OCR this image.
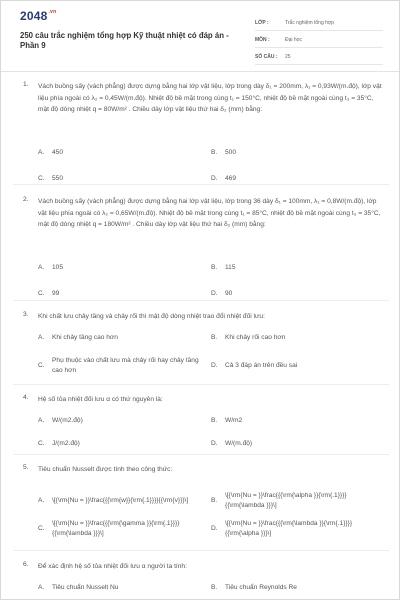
$2048^{.vn}$
250 câu trắc nghiệm tổng hợp Kỹ thuật nhiệt có đáp án - Phần 9
LỚP :	Trắc nghiệm tổng hợp
MÔN :	Đại học
SỐ CÂU :	25
1. Vách buồng sấy (vách phẳng) được dựng bằng hai lớp vật liệu, lớp trong dày δ₁ = 200mm, λ₁ = 0,93W/(m.độ), lớp vật liệu phía ngoài có λ₂ = 0,45W/(m.độ). Nhiệt độ bề mặt trong cùng t₁ = 150°C, nhiệt độ bề mặt ngoài cùng t₃ = 35°C, mật độ dòng nhiệt q = 80W/m² . Chiều dày lớp vật liệu thứ hai δ₂ (mm) bằng:
A.	450	B.	500
C.	550	D.	469
2. Vách buồng sấy (vách phẳng) được dựng bằng hai lớp vật liệu, lớp trong 36 dày δ₁ = 100mm, λ₁ = 0,8W/(m.độ), lớp vật liệu phía ngoài có λ₂ = 0,65W/(m.độ). Nhiệt độ bề mặt trong cùng t₁ = 85°C, nhiệt độ bề mặt ngoài cùng t₃ = 35°C, mật độ dòng nhiệt q = 180W/m² . Chiều dày lớp vật liệu thứ hai δ₂ (mm) bằng:
A.	105	B.	115
C.	99	D.	90
3. Khi chất lưu chảy tầng và chảy rối thì mật độ dòng nhiệt trao đổi nhiệt đối lưu:
A.	Khi chảy tầng cao hơn	B.	Khi chảy rối cao hơn
C.
Phụ thuộc vào chất lưu mà chảy rối hay chảy tầng cao hơn
D.	Cả 3 đáp án trên đều sai
4. Hệ số tỏa nhiệt đối lưu α có thứ nguyên là:
A.	W/(m2.độ)	B.	W/m2
C.	J/(m2.độ)	D.	W/(m.độ)
5. Tiêu chuẩn Nusselt được tính theo công thức:
A.	\[{\rm{Nu = }}\frac{{{\rm{w}}{\rm{.1}}}}{{\rm{v}}}\]	B.
\[{\rm{Nu = }}\frac{{{\rm{\alpha }}{\rm{.1}}}}{{\rm{\lambda }}}\]
C.
\[{\rm{Nu = }}\frac{{{\rm{\gamma }}{\rm{.1}}}}{{\rm{\lambda }}}\]
D.
\[{\rm{Nu = }}\frac{{{\rm{\lambda }}{\rm{.1}}}}{{\rm{\alpha }}}\]
6. Để xác định hệ số tỏa nhiệt đối lưu α người ta tính:
A.	Tiêu chuẩn Nusselt Nu	B.	Tiêu chuẩn Reynolds Re
